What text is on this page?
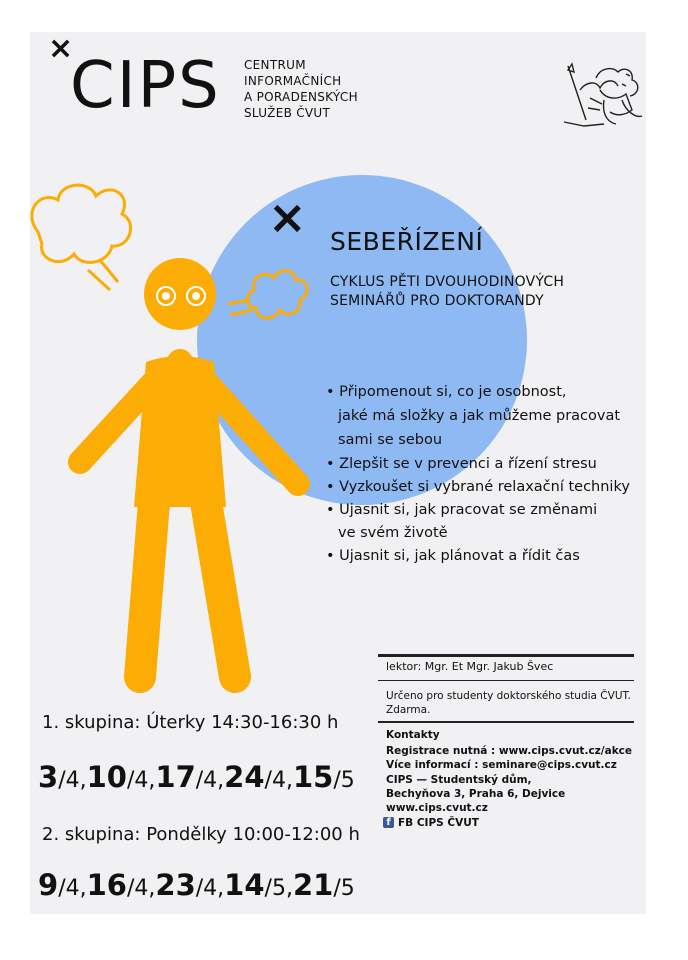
×
CIPS CENTRUM
INFORMAČNÍCH
A PORADENSKÝCH
SLUŽEB ČVUT
× SEBEŘÍZENÍ
CYKLUS PĚTI DVOUHODINOVÝCH
SEMINÁŘŮ PRO DOKTORANDY
• Připomenout si, co je osobnost,
jaké má složky a jak můžeme pracovat
sami se sebou
• Zlepšit se v prevenci a řízení stresu
• Vyzkoušet si vybrané relaxační techniky
• Ujasnit si, jak pracovat se změnami
ve svém životě
• Ujasnit si, jak plánovat a řídit čas
lektor: Mgr. Et Mgr. Jakub Švec
Určeno pro studenty doktorského studia ČVUT.
Zdarma.
Kontakty
Registrace nutná : www.cips.cvut.cz/akce
Více informací : seminare@cips.cvut.cz
CIPS — Studentský dům,
Bechyňova 3, Praha 6, Dejvice
www.cips.cvut.cz
f FB CIPS ČVUT
1. skupina: Úterky 14:30-16:30 h
3/4,10/4,17/4,24/4,15/5
2. skupina: Pondělky 10:00-12:00 h
9/4,16/4,23/4,14/5,21/5
